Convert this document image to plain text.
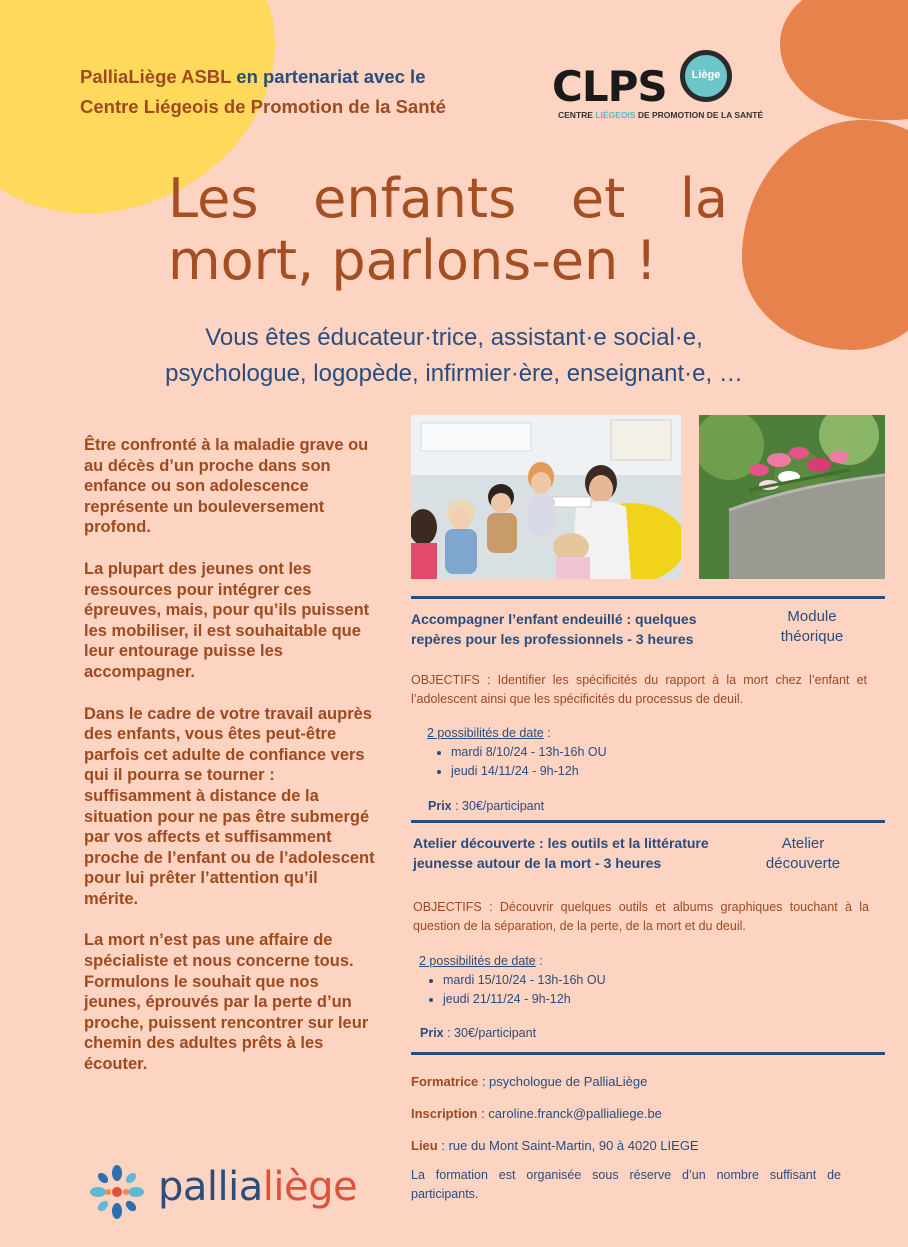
PalliaLiège ASBL en partenariat avec le
Centre Liégeois de Promotion de la Santé	CLPS	Liège
CENTRE LIÉGEOIS DE PROMOTION DE LA SANTÉ
Les enfants et la mort, parlons-en !
Vous êtes éducateur·trice, assistant·e social·e,
psychologue, logopède, infirmier·ère, enseignant·e, …

Être confronté à la maladie grave ou au décès d’un proche dans son enfance ou son adolescence représente un bouleversement profond.

La plupart des jeunes ont les ressources pour intégrer ces épreuves, mais, pour qu’ils puissent les mobiliser, il est souhaitable que leur entourage puisse les accompagner.

Dans le cadre de votre travail auprès des enfants, vous êtes peut-être parfois cet adulte de confiance vers qui il pourra se tourner : suffisamment à distance de la situation pour ne pas être submergé par vos affects et suffisamment proche de l’enfant ou de l’adolescent pour lui prêter l’attention qu’il mérite.

La mort n’est pas une affaire de spécialiste et nous concerne tous. Formulons le souhait que nos jeunes, éprouvés par la perte d’un proche, puissent rencontrer sur leur chemin des adultes prêts à les écouter.

Accompagner l’enfant endeuillé : quelques repères pour les professionnels - 3 heures
Module théorique
OBJECTIFS : Identifier les spécificités du rapport à la mort chez l’enfant et l’adolescent ainsi que les spécificités du processus de deuil.
2 possibilités de date :
• mardi 8/10/24 - 13h-16h OU
• jeudi 14/11/24 - 9h-12h
Prix : 30€/participant
Atelier découverte : les outils et la littérature jeunesse autour de la mort - 3 heures
Atelier découverte
OBJECTIFS : Découvrir quelques outils et albums graphiques touchant à la question de la séparation, de la perte, de la mort et du deuil.
2 possibilités de date :
• mardi 15/10/24 - 13h-16h OU
• jeudi 21/11/24 - 9h-12h
Prix : 30€/participant
Formatrice : psychologue de PalliaLiège
Inscription : caroline.franck@pallialiege.be
Lieu : rue du Mont Saint-Martin, 90 à 4020 LIEGE
La formation est organisée sous réserve d’un nombre suffisant de participants.
pallialiège
